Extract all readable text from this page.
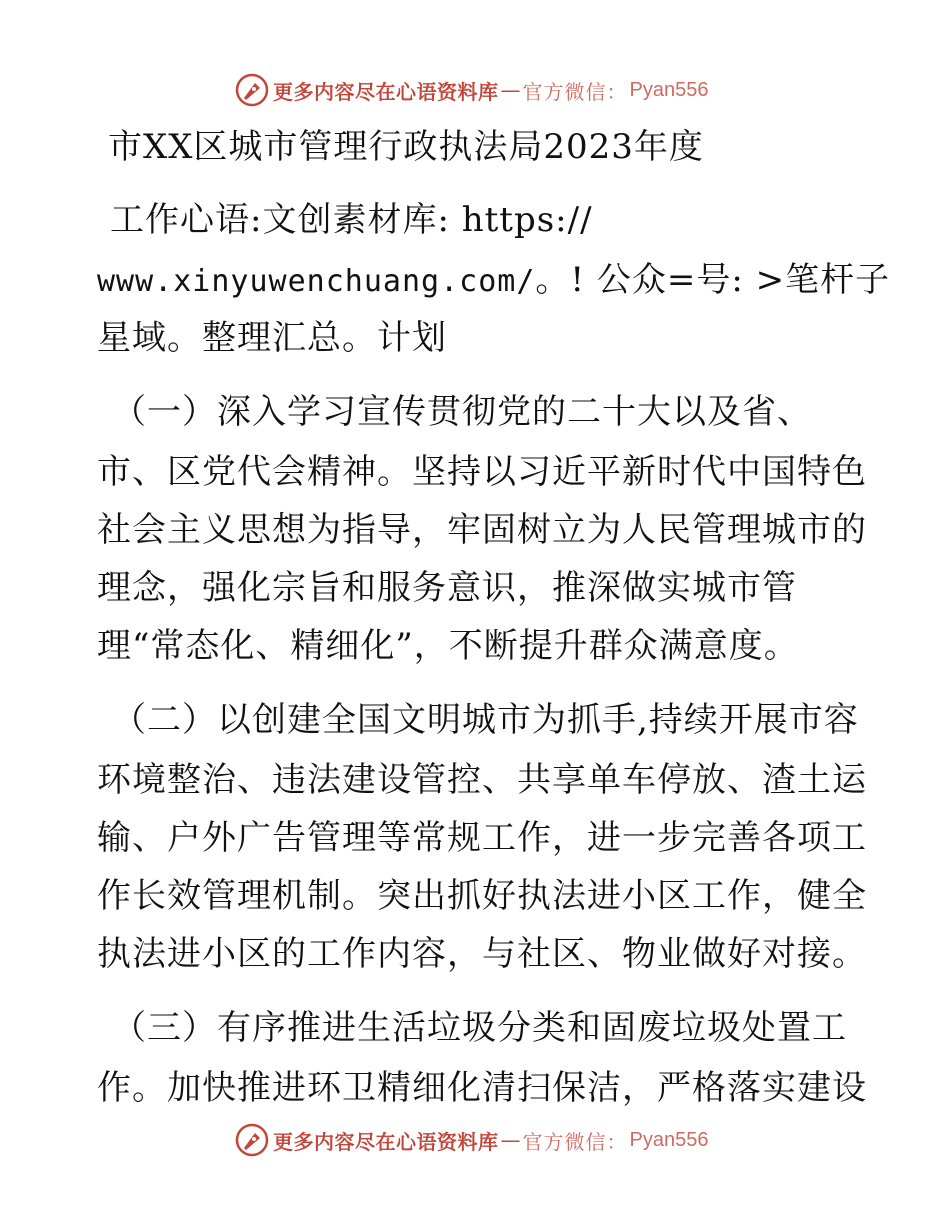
更多内容尽在心语资料库 — 官方微信： Pyan556
市XX区城市管理行政执法局2023年度
工作心语:文创素材库: https://
www.xinyuwenchuang.com/。! 公众=号: >笔杆子
星域。整理汇总。计划
（一）深入学习宣传贯彻党的二十大以及省、
市、区党代会精神。坚持以习近平新时代中国特色
社会主义思想为指导，牢固树立为人民管理城市的
理念，强化宗旨和服务意识，推深做实城市管
理“常态化、精细化”，不断提升群众满意度。
（二）以创建全国文明城市为抓手,持续开展市容
环境整治、违法建设管控、共享单车停放、渣土运
输、户外广告管理等常规工作，进一步完善各项工
作长效管理机制。突出抓好执法进小区工作，健全
执法进小区的工作内容，与社区、物业做好对接。
（三）有序推进生活垃圾分类和固废垃圾处置工
作。加快推进环卫精细化清扫保洁，严格落实建设
更多内容尽在心语资料库 — 官方微信： Pyan556
